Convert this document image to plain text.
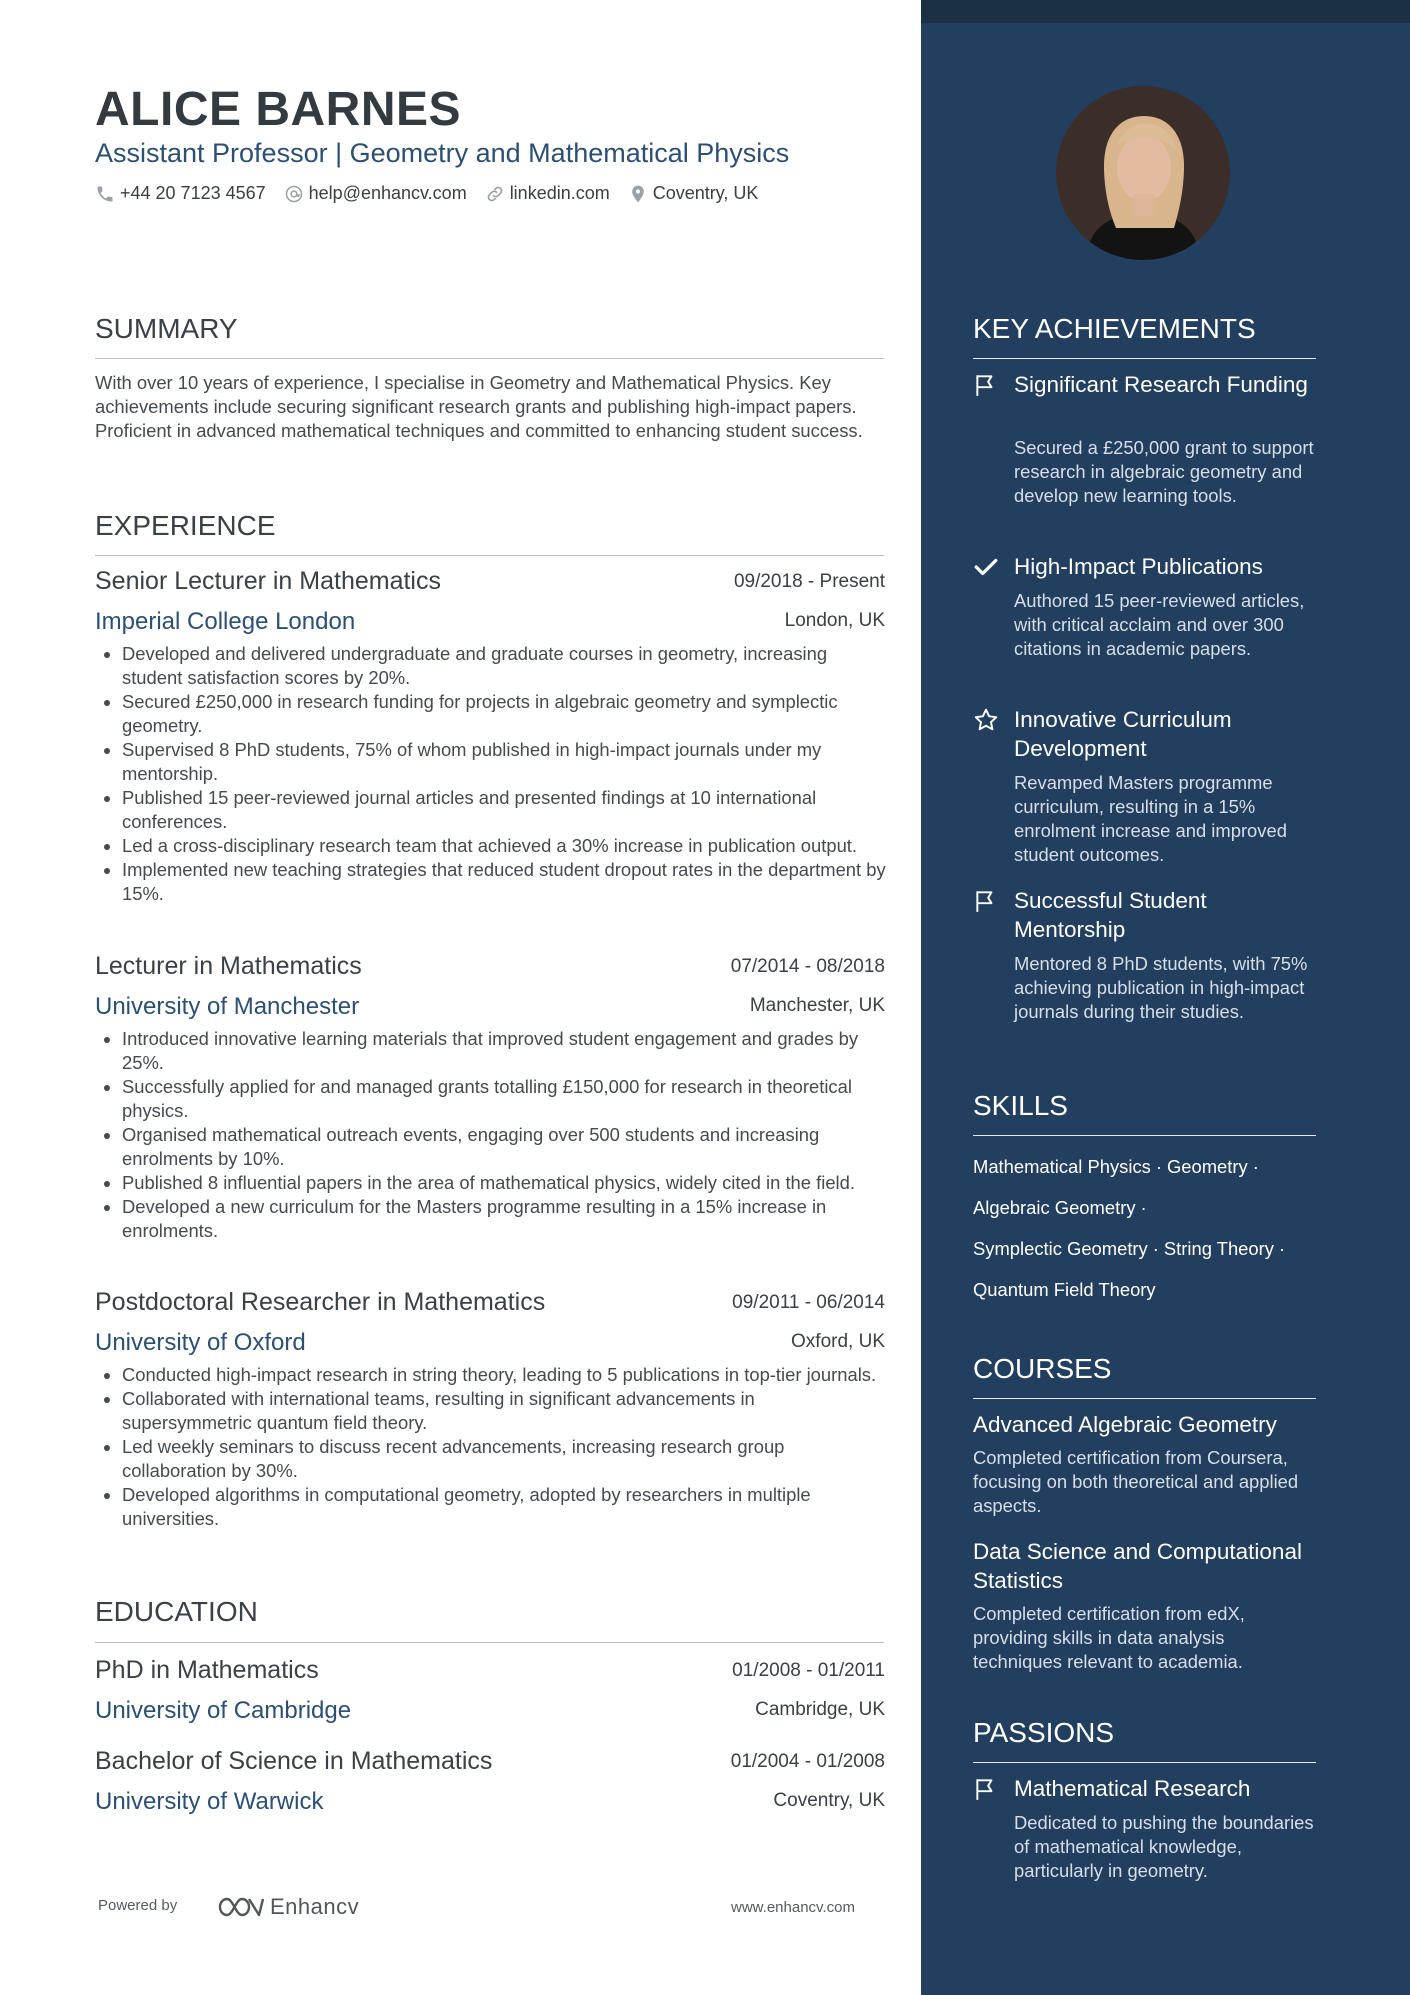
ALICE BARNES
Assistant Professor | Geometry and Mathematical Physics
+44 20 7123 4567 help@enhancv.com linkedin.com Coventry, UK
SUMMARY
With over 10 years of experience, I specialise in Geometry and Mathematical Physics. Key achievements include securing significant research grants and publishing high-impact papers. Proficient in advanced mathematical techniques and committed to enhancing student success.
EXPERIENCE
Senior Lecturer in Mathematics	09/2018 - Present
Imperial College London	London, UK
• Developed and delivered undergraduate and graduate courses in geometry, increasing student satisfaction scores by 20%.
• Secured £250,000 in research funding for projects in algebraic geometry and symplectic geometry.
• Supervised 8 PhD students, 75% of whom published in high-impact journals under my mentorship.
• Published 15 peer-reviewed journal articles and presented findings at 10 international conferences.
• Led a cross-disciplinary research team that achieved a 30% increase in publication output.
• Implemented new teaching strategies that reduced student dropout rates in the department by 15%.
Lecturer in Mathematics	07/2014 - 08/2018
University of Manchester	Manchester, UK
• Introduced innovative learning materials that improved student engagement and grades by 25%.
• Successfully applied for and managed grants totalling £150,000 for research in theoretical physics.
• Organised mathematical outreach events, engaging over 500 students and increasing enrolments by 10%.
• Published 8 influential papers in the area of mathematical physics, widely cited in the field.
• Developed a new curriculum for the Masters programme resulting in a 15% increase in enrolments.
Postdoctoral Researcher in Mathematics	09/2011 - 06/2014
University of Oxford	Oxford, UK
• Conducted high-impact research in string theory, leading to 5 publications in top-tier journals.
• Collaborated with international teams, resulting in significant advancements in supersymmetric quantum field theory.
• Led weekly seminars to discuss recent advancements, increasing research group collaboration by 30%.
• Developed algorithms in computational geometry, adopted by researchers in multiple universities.
EDUCATION
PhD in Mathematics	01/2008 - 01/2011
University of Cambridge	Cambridge, UK
Bachelor of Science in Mathematics	01/2004 - 01/2008
University of Warwick	Coventry, UK
Powered by	Enhancv	www.enhancv.com
KEY ACHIEVEMENTS
Significant Research Funding
Secured a £250,000 grant to support research in algebraic geometry and develop new learning tools.
High-Impact Publications
Authored 15 peer-reviewed articles, with critical acclaim and over 300 citations in academic papers.
Innovative Curriculum Development
Revamped Masters programme curriculum, resulting in a 15% enrolment increase and improved student outcomes.
Successful Student Mentorship
Mentored 8 PhD students, with 75% achieving publication in high-impact journals during their studies.
SKILLS
Mathematical Physics · Geometry ·
Algebraic Geometry ·
Symplectic Geometry · String Theory ·
Quantum Field Theory
COURSES
Advanced Algebraic Geometry
Completed certification from Coursera, focusing on both theoretical and applied aspects.
Data Science and Computational Statistics
Completed certification from edX, providing skills in data analysis techniques relevant to academia.
PASSIONS
Mathematical Research
Dedicated to pushing the boundaries of mathematical knowledge, particularly in geometry.
